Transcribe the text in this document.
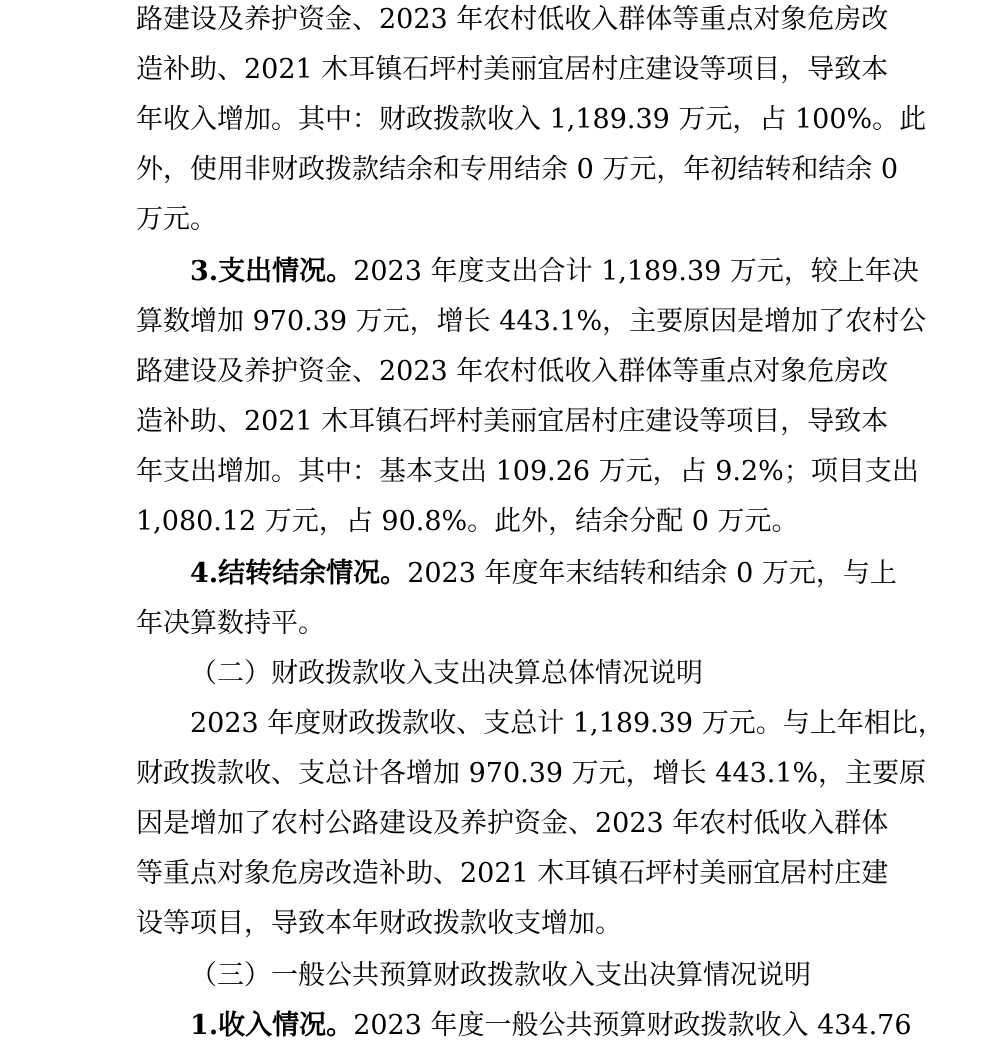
路建设及养护资金、2023 年农村低收入群体等重点对象危房改
造补助、2021 木耳镇石坪村美丽宜居村庄建设等项目，导致本
年收入增加。其中：财政拨款收入 1,189.39 万元，占 100%。此
外，使用非财政拨款结余和专用结余 0 万元，年初结转和结余 0
万元。
3.支出情况。2023 年度支出合计 1,189.39 万元，较上年决
算数增加 970.39 万元，增长 443.1%，主要原因是增加了农村公
路建设及养护资金、2023 年农村低收入群体等重点对象危房改
造补助、2021 木耳镇石坪村美丽宜居村庄建设等项目，导致本
年支出增加。其中：基本支出 109.26 万元，占 9.2%；项目支出
1,080.12 万元，占 90.8%。此外，结余分配 0 万元。
4.结转结余情况。2023 年度年末结转和结余 0 万元，与上
年决算数持平。
（二）财政拨款收入支出决算总体情况说明
2023 年度财政拨款收、支总计 1,189.39 万元。与上年相比，
财政拨款收、支总计各增加 970.39 万元，增长 443.1%，主要原
因是增加了农村公路建设及养护资金、2023 年农村低收入群体
等重点对象危房改造补助、2021 木耳镇石坪村美丽宜居村庄建
设等项目，导致本年财政拨款收支增加。
（三）一般公共预算财政拨款收入支出决算情况说明
1.收入情况。2023 年度一般公共预算财政拨款收入 434.76
